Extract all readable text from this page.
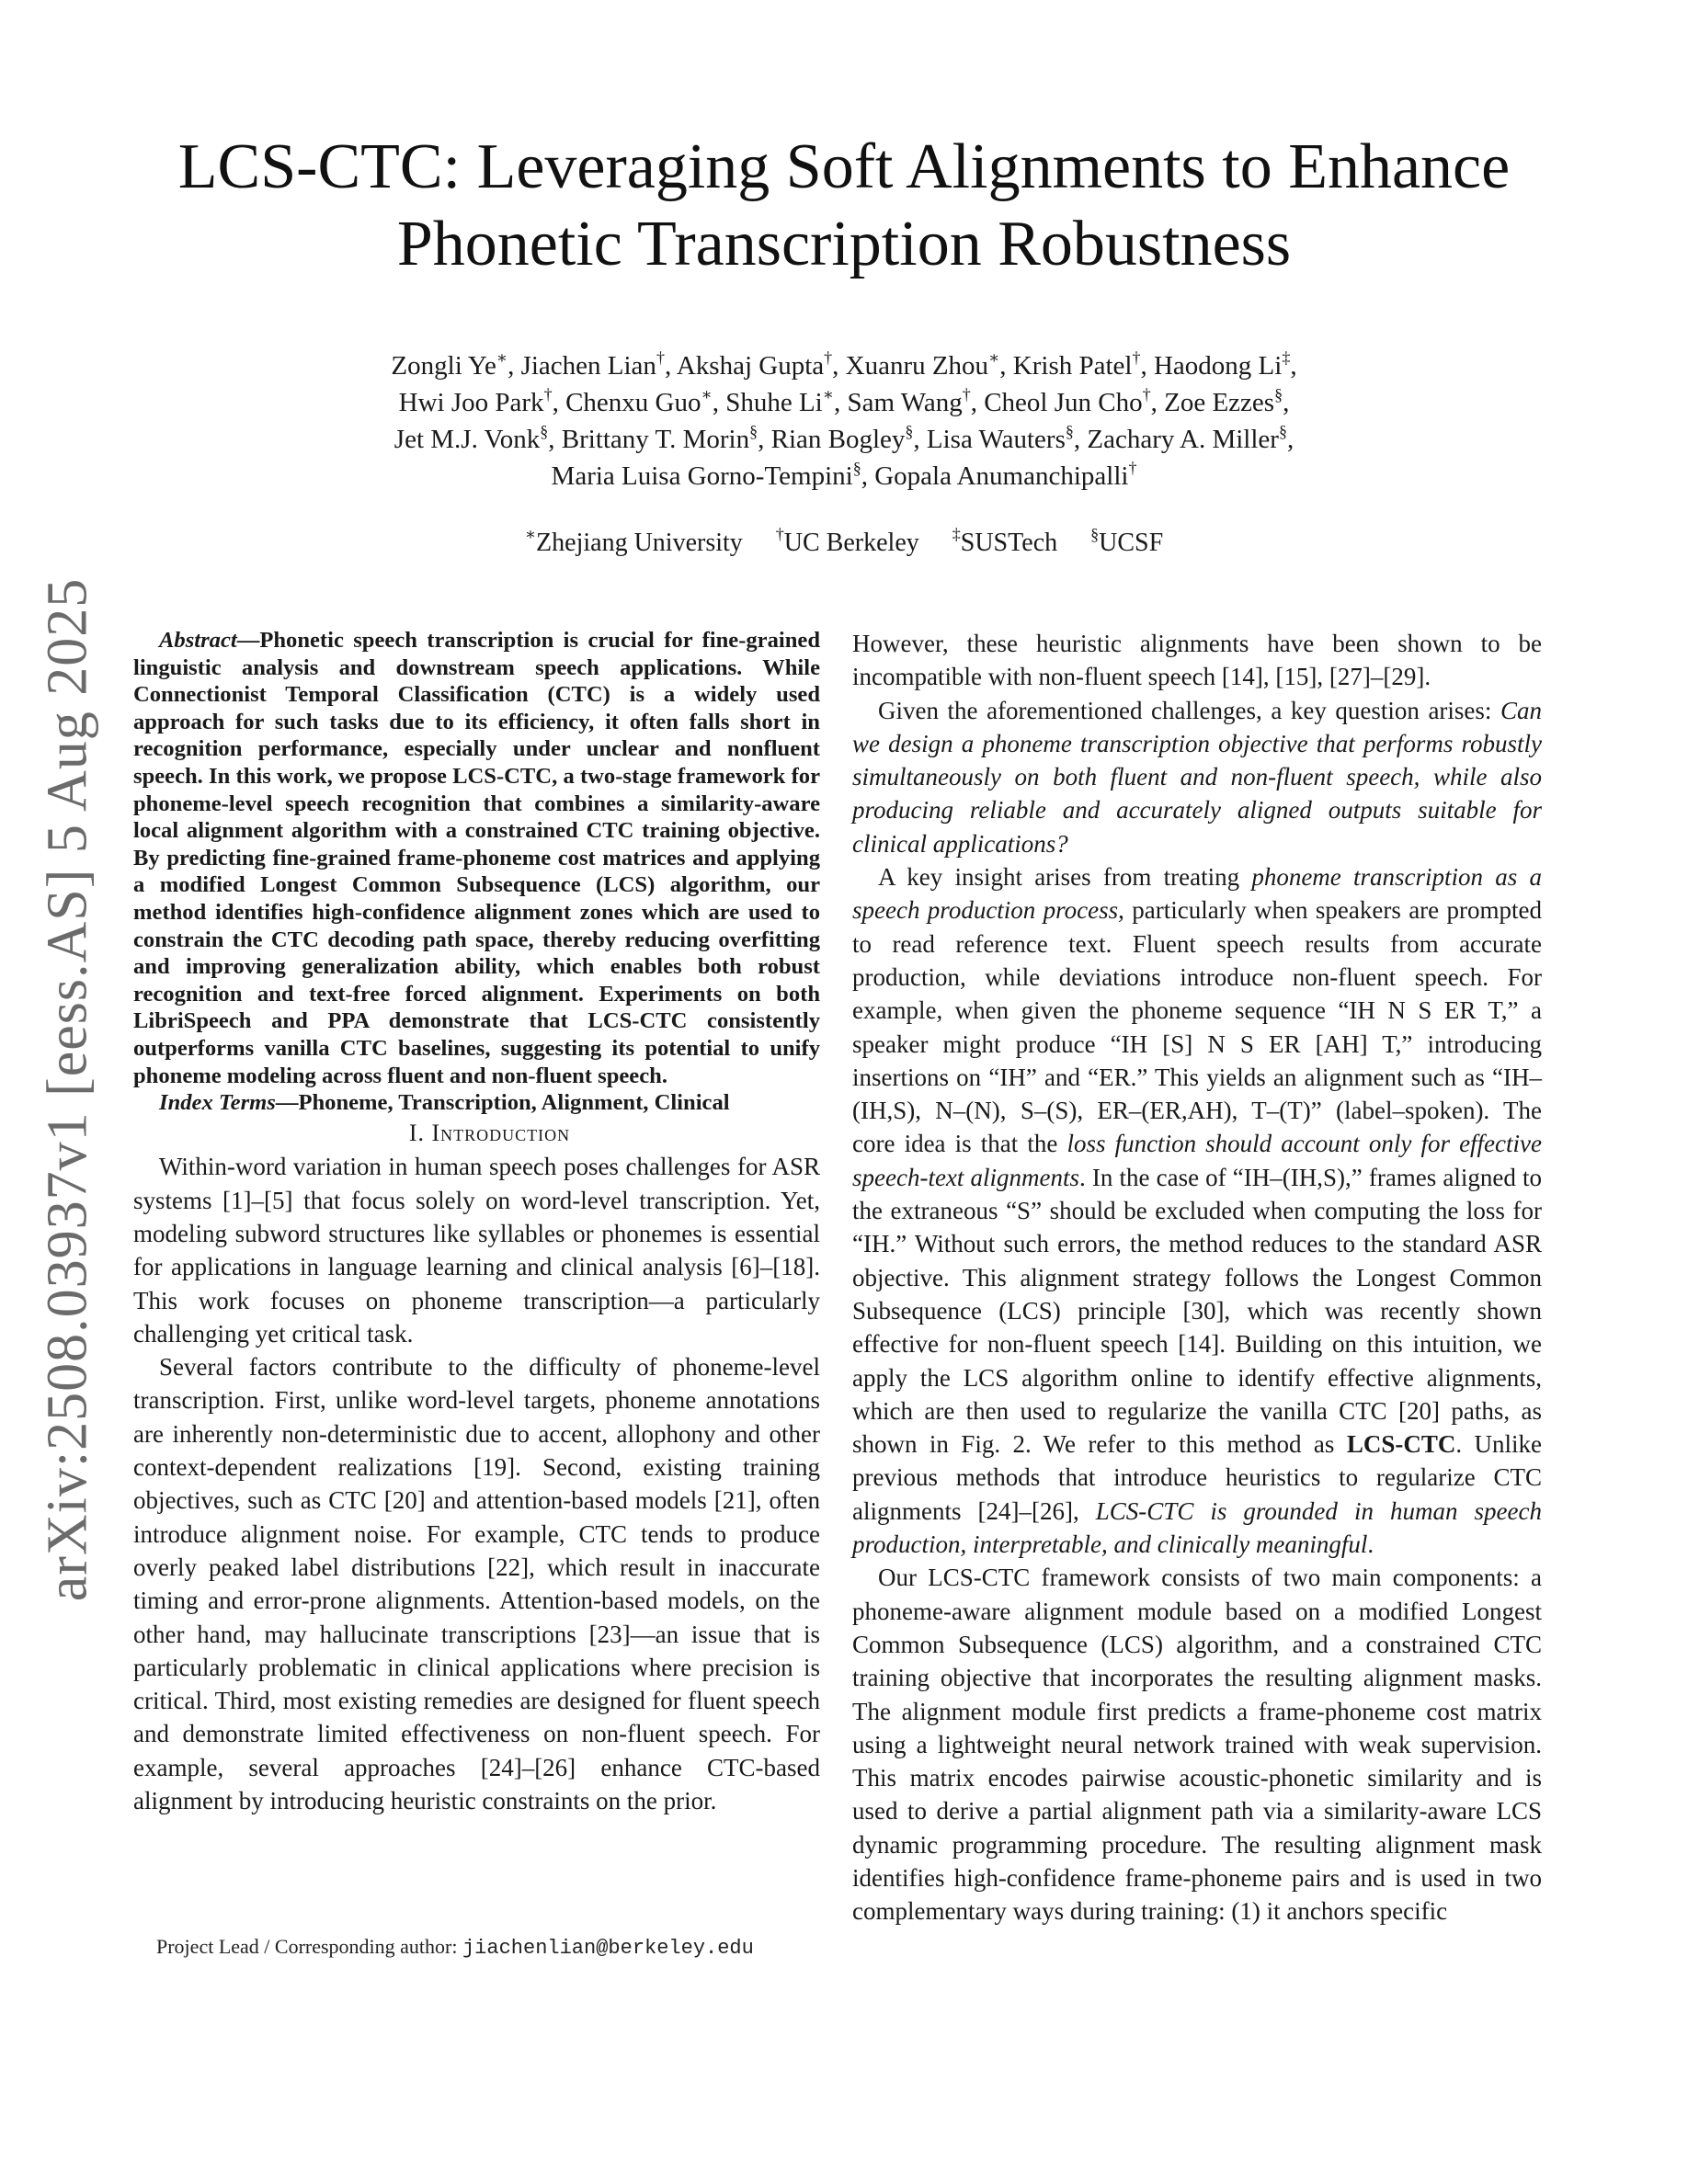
arXiv:2508.03937v1 [eess.AS] 5 Aug 2025
LCS-CTC: Leveraging Soft Alignments to Enhance
Phonetic Transcription Robustness
Zongli Ye∗, Jiachen Lian†, Akshaj Gupta†, Xuanru Zhou∗, Krish Patel†, Haodong Li‡,
Hwi Joo Park†, Chenxu Guo∗, Shuhe Li∗, Sam Wang†, Cheol Jun Cho†, Zoe Ezzes§,
Jet M.J. Vonk§, Brittany T. Morin§, Rian Bogley§, Lisa Wauters§, Zachary A. Miller§,
Maria Luisa Gorno-Tempini§, Gopala Anumanchipalli†
∗Zhejiang University †UC Berkeley ‡SUSTech §UCSF

Abstract—Phonetic speech transcription is crucial for fine-grained linguistic analysis and downstream speech applications. While Connectionist Temporal Classification (CTC) is a widely used approach for such tasks due to its efficiency, it often falls short in recognition performance, especially under unclear and nonfluent speech. In this work, we propose LCS-CTC, a two-stage framework for phoneme-level speech recognition that combines a similarity-aware local alignment algorithm with a constrained CTC training objective. By predicting fine-grained frame-phoneme cost matrices and applying a modified Longest Common Subsequence (LCS) algorithm, our method identifies high-confidence alignment zones which are used to constrain the CTC decoding path space, thereby reducing overfitting and improving generalization ability, which enables both robust recognition and text-free forced alignment. Experiments on both LibriSpeech and PPA demonstrate that LCS-CTC consistently outperforms vanilla CTC baselines, suggesting its potential to unify phoneme modeling across fluent and non-fluent speech.

Index Terms—Phoneme, Transcription, Alignment, Clinical

I. Introduction

Within-word variation in human speech poses challenges for ASR systems [1]–[5] that focus solely on word-level transcription. Yet, modeling subword structures like syllables or phonemes is essential for applications in language learning and clinical analysis [6]–[18]. This work focuses on phoneme transcription—a particularly challenging yet critical task.

Several factors contribute to the difficulty of phoneme-level transcription. First, unlike word-level targets, phoneme annotations are inherently non-deterministic due to accent, allophony and other context-dependent realizations [19]. Second, existing training objectives, such as CTC [20] and attention-based models [21], often introduce alignment noise. For example, CTC tends to produce overly peaked label distributions [22], which result in inaccurate timing and error-prone alignments. Attention-based models, on the other hand, may hallucinate transcriptions [23]—an issue that is particularly problematic in clinical applications where precision is critical. Third, most existing remedies are designed for fluent speech and demonstrate limited effectiveness on non-fluent speech. For example, several approaches [24]–[26] enhance CTC-based alignment by introducing heuristic constraints on the prior.

Project Lead / Corresponding author: jiachenlian@berkeley.edu

However, these heuristic alignments have been shown to be incompatible with non-fluent speech [14], [15], [27]–[29].

Given the aforementioned challenges, a key question arises: Can we design a phoneme transcription objective that performs robustly simultaneously on both fluent and non-fluent speech, while also producing reliable and accurately aligned outputs suitable for clinical applications?

A key insight arises from treating phoneme transcription as a speech production process, particularly when speakers are prompted to read reference text. Fluent speech results from accurate production, while deviations introduce non-fluent speech. For example, when given the phoneme sequence “IH N S ER T,” a speaker might produce “IH [S] N S ER [AH] T,” introducing insertions on “IH” and “ER.” This yields an alignment such as “IH–(IH,S), N–(N), S–(S), ER–(ER,AH), T–(T)” (label–spoken). The core idea is that the loss function should account only for effective speech-text alignments. In the case of “IH–(IH,S),” frames aligned to the extraneous “S” should be excluded when computing the loss for “IH.” Without such errors, the method reduces to the standard ASR objective. This alignment strategy follows the Longest Common Subsequence (LCS) principle [30], which was recently shown effective for non-fluent speech [14]. Building on this intuition, we apply the LCS algorithm online to identify effective alignments, which are then used to regularize the vanilla CTC [20] paths, as shown in Fig. 2. We refer to this method as LCS-CTC. Unlike previous methods that introduce heuristics to regularize CTC alignments [24]–[26], LCS-CTC is grounded in human speech production, interpretable, and clinically meaningful.

Our LCS-CTC framework consists of two main components: a phoneme-aware alignment module based on a modified Longest Common Subsequence (LCS) algorithm, and a constrained CTC training objective that incorporates the resulting alignment masks. The alignment module first predicts a frame-phoneme cost matrix using a lightweight neural network trained with weak supervision. This matrix encodes pairwise acoustic-phonetic similarity and is used to derive a partial alignment path via a similarity-aware LCS dynamic programming procedure. The resulting alignment mask identifies high-confidence frame-phoneme pairs and is used in two complementary ways during training: (1) it anchors specific
